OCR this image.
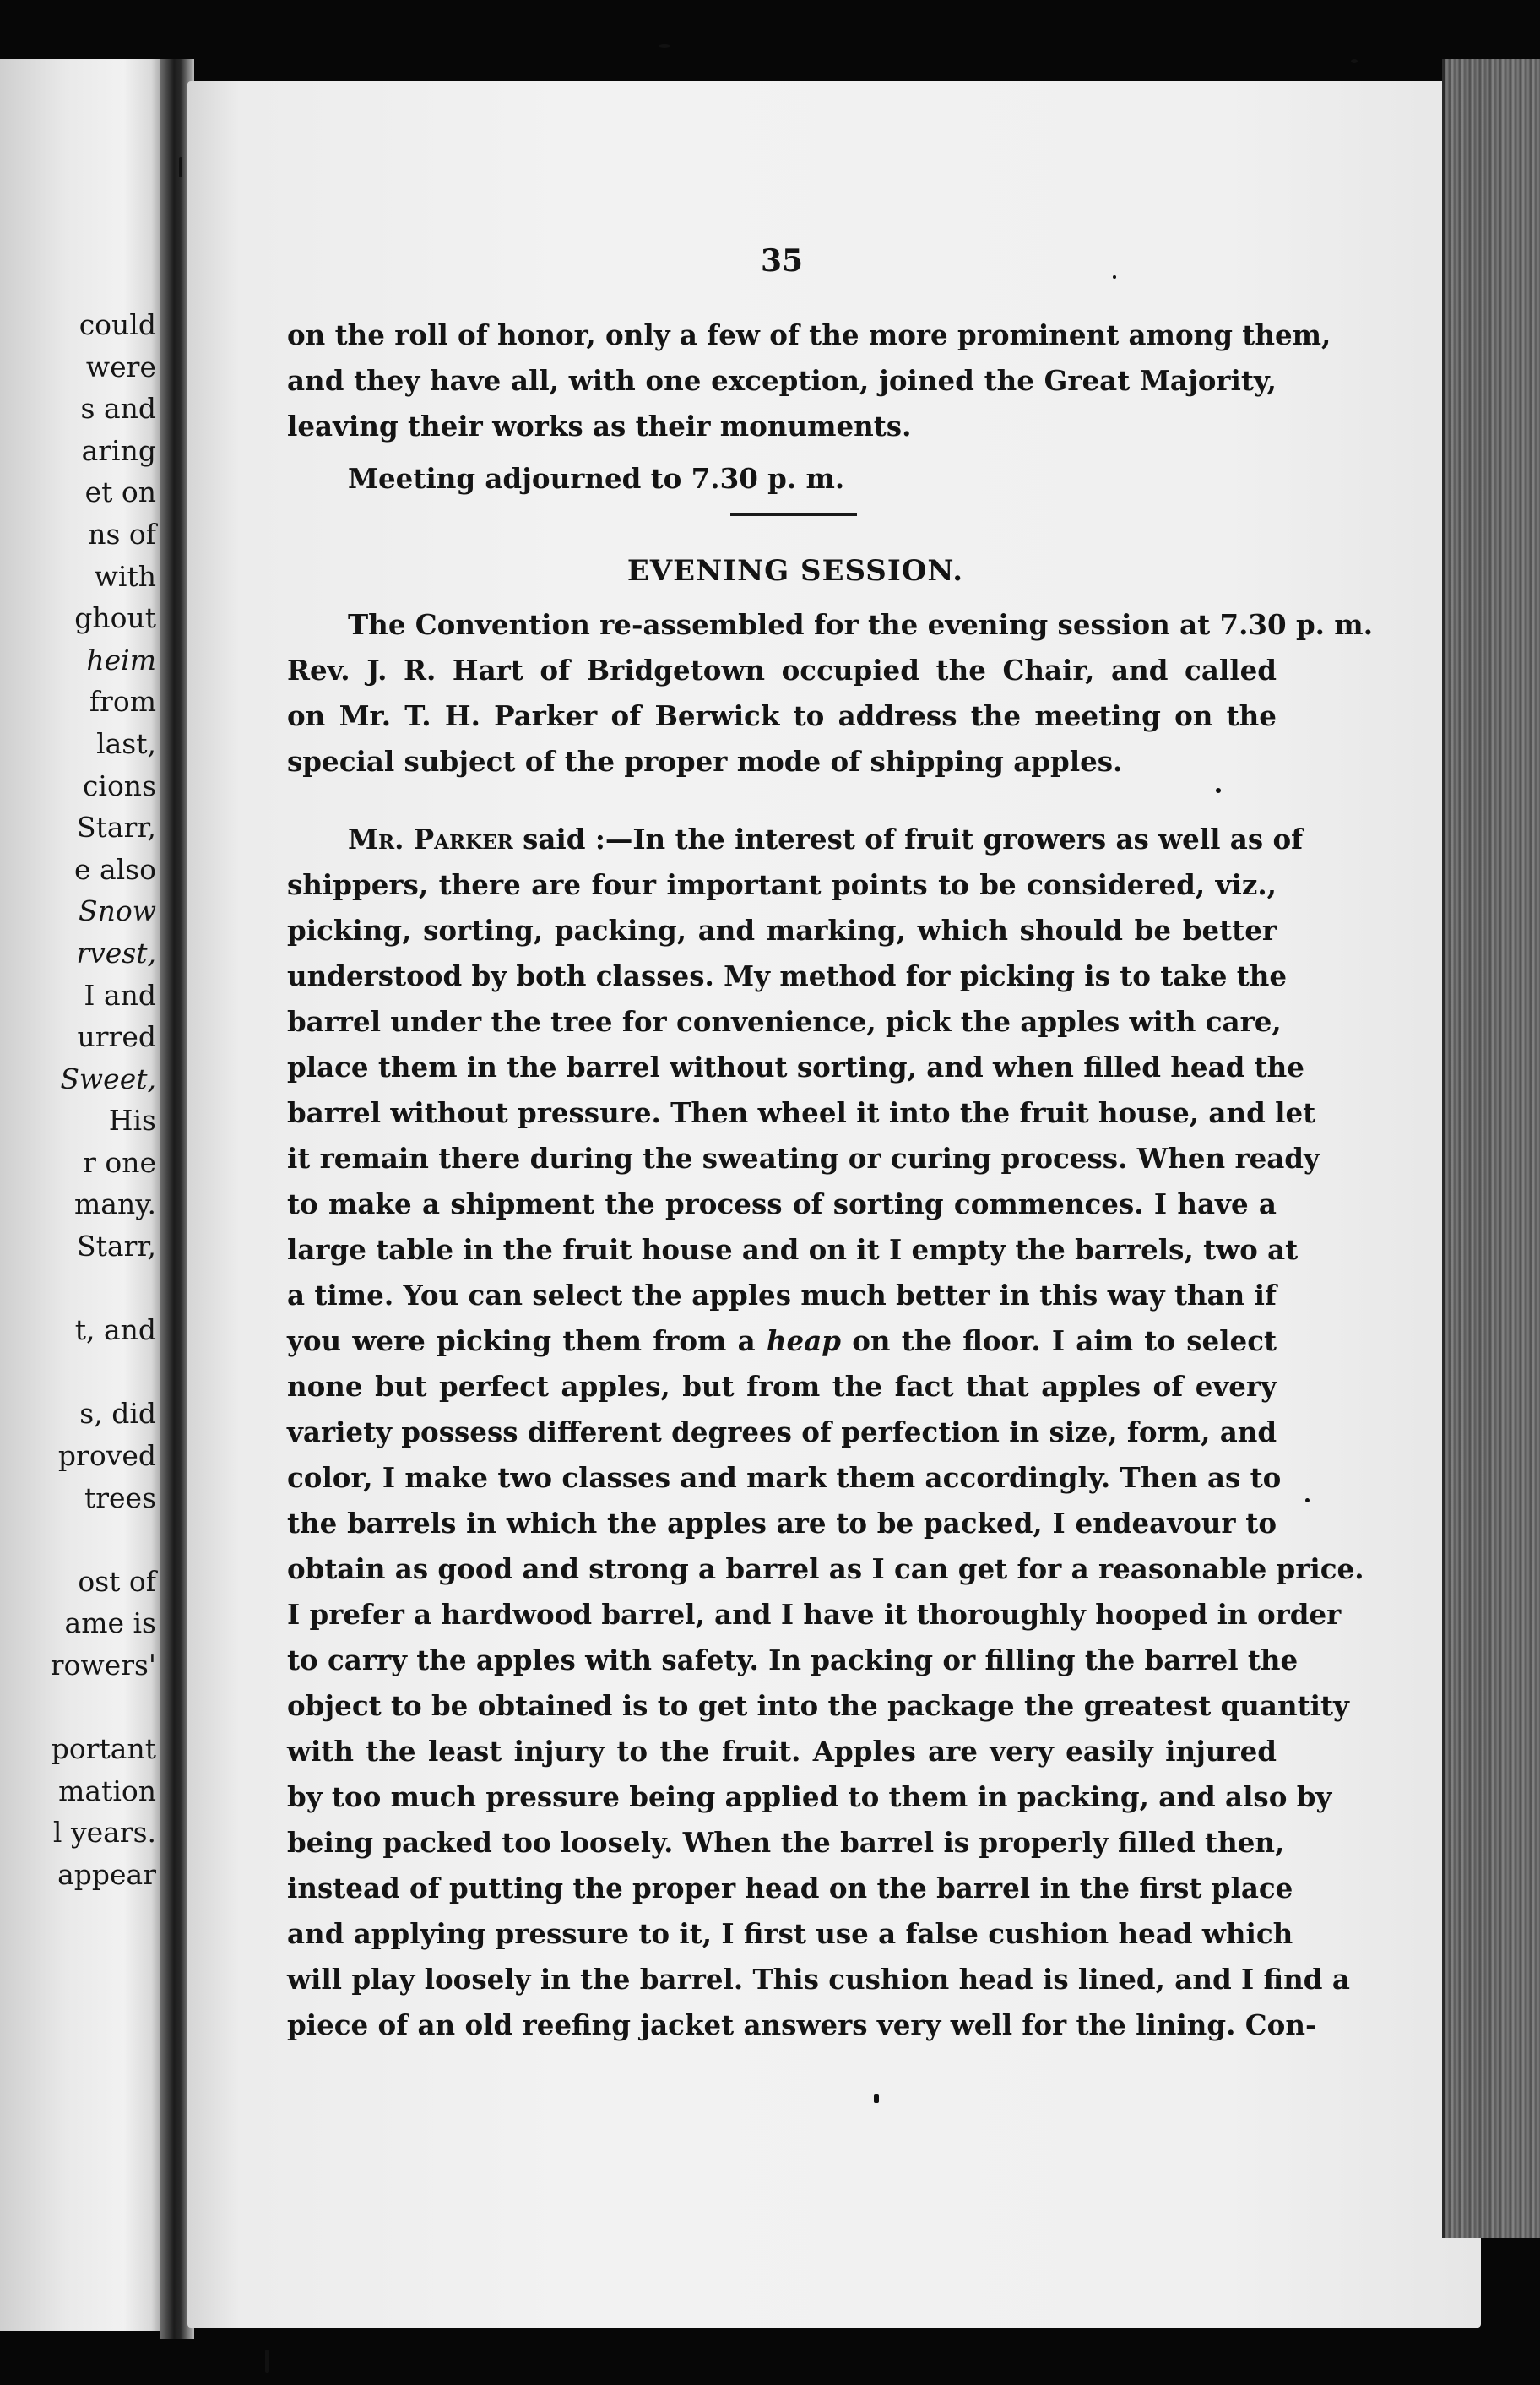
could
were
s and
aring
et on
ns of
with
ghout
heim
from
last,
cions
Starr,
e also
Snow
rvest,
I and
urred
Sweet,
His
r one
many.
Starr,
t, and
s, did
proved
trees
ost of
ame is
rowers'
portant
mation
l years.
appear
35
on the roll of honor, only a few of the more prominent among them,
and they have all, with one exception, joined the Great Majority,
leaving their works as their monuments.
Meeting adjourned to 7.30 p. m.
EVENING SESSION.
The Convention re-assembled for the evening session at 7.30 p. m.
Rev. J. R. Hart of Bridgetown occupied the Chair, and called
on Mr. T. H. Parker of Berwick to address the meeting on the
special subject of the proper mode of shipping apples.
Mr. Parker said :—In the interest of fruit growers as well as of
shippers, there are four important points to be considered, viz.,
picking, sorting, packing, and marking, which should be better
understood by both classes. My method for picking is to take the
barrel under the tree for convenience, pick the apples with care,
place them in the barrel without sorting, and when filled head the
barrel without pressure. Then wheel it into the fruit house, and let
it remain there during the sweating or curing process. When ready
to make a shipment the process of sorting commences. I have a
large table in the fruit house and on it I empty the barrels, two at
a time. You can select the apples much better in this way than if
you were picking them from a heap on the floor. I aim to select
none but perfect apples, but from the fact that apples of every
variety possess different degrees of perfection in size, form, and
color, I make two classes and mark them accordingly. Then as to
the barrels in which the apples are to be packed, I endeavour to
obtain as good and strong a barrel as I can get for a reasonable price.
I prefer a hardwood barrel, and I have it thoroughly hooped in order
to carry the apples with safety. In packing or filling the barrel the
object to be obtained is to get into the package the greatest quantity
with the least injury to the fruit. Apples are very easily injured
by too much pressure being applied to them in packing, and also by
being packed too loosely. When the barrel is properly filled then,
instead of putting the proper head on the barrel in the first place
and applying pressure to it, I first use a false cushion head which
will play loosely in the barrel. This cushion head is lined, and I find a
piece of an old reefing jacket answers very well for the lining. Con-
